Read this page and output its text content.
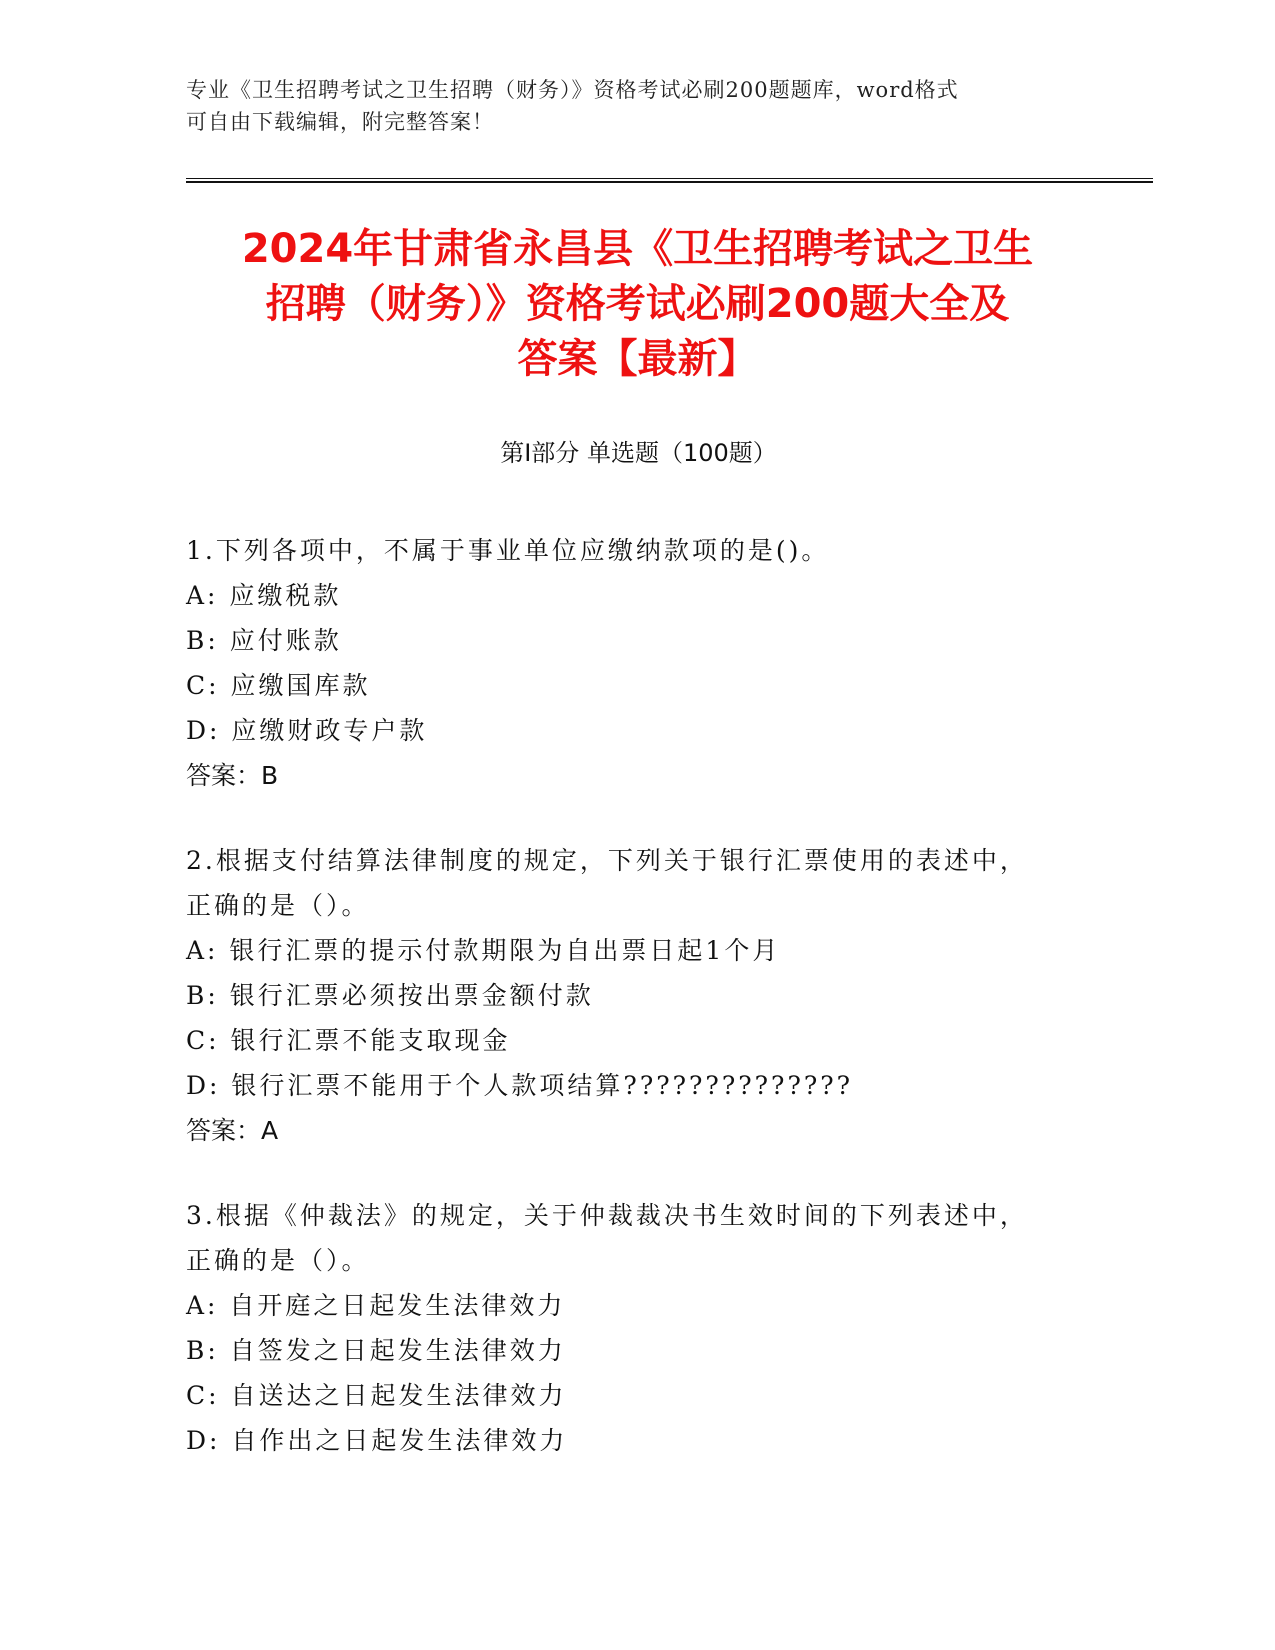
专业《卫生招聘考试之卫生招聘（财务）》资格考试必刷200题题库，word格式
可自由下载编辑，附完整答案！
2024年甘肃省永昌县《卫生招聘考试之卫生
招聘（财务）》资格考试必刷200题大全及
答案【最新】
第I部分 单选题（100题）
1.下列各项中，不属于事业单位应缴纳款项的是()。
A: 应缴税款
B: 应付账款
C: 应缴国库款
D: 应缴财政专户款
答案：B
2.根据支付结算法律制度的规定，下列关于银行汇票使用的表述中，正确的是（）。
A: 银行汇票的提示付款期限为自出票日起1个月
B: 银行汇票必须按出票金额付款
C: 银行汇票不能支取现金
D: 银行汇票不能用于个人款项结算??????????????
答案：A
3.根据《仲裁法》的规定，关于仲裁裁决书生效时间的下列表述中，正确的是（）。
A: 自开庭之日起发生法律效力
B: 自签发之日起发生法律效力
C: 自送达之日起发生法律效力
D: 自作出之日起发生法律效力
